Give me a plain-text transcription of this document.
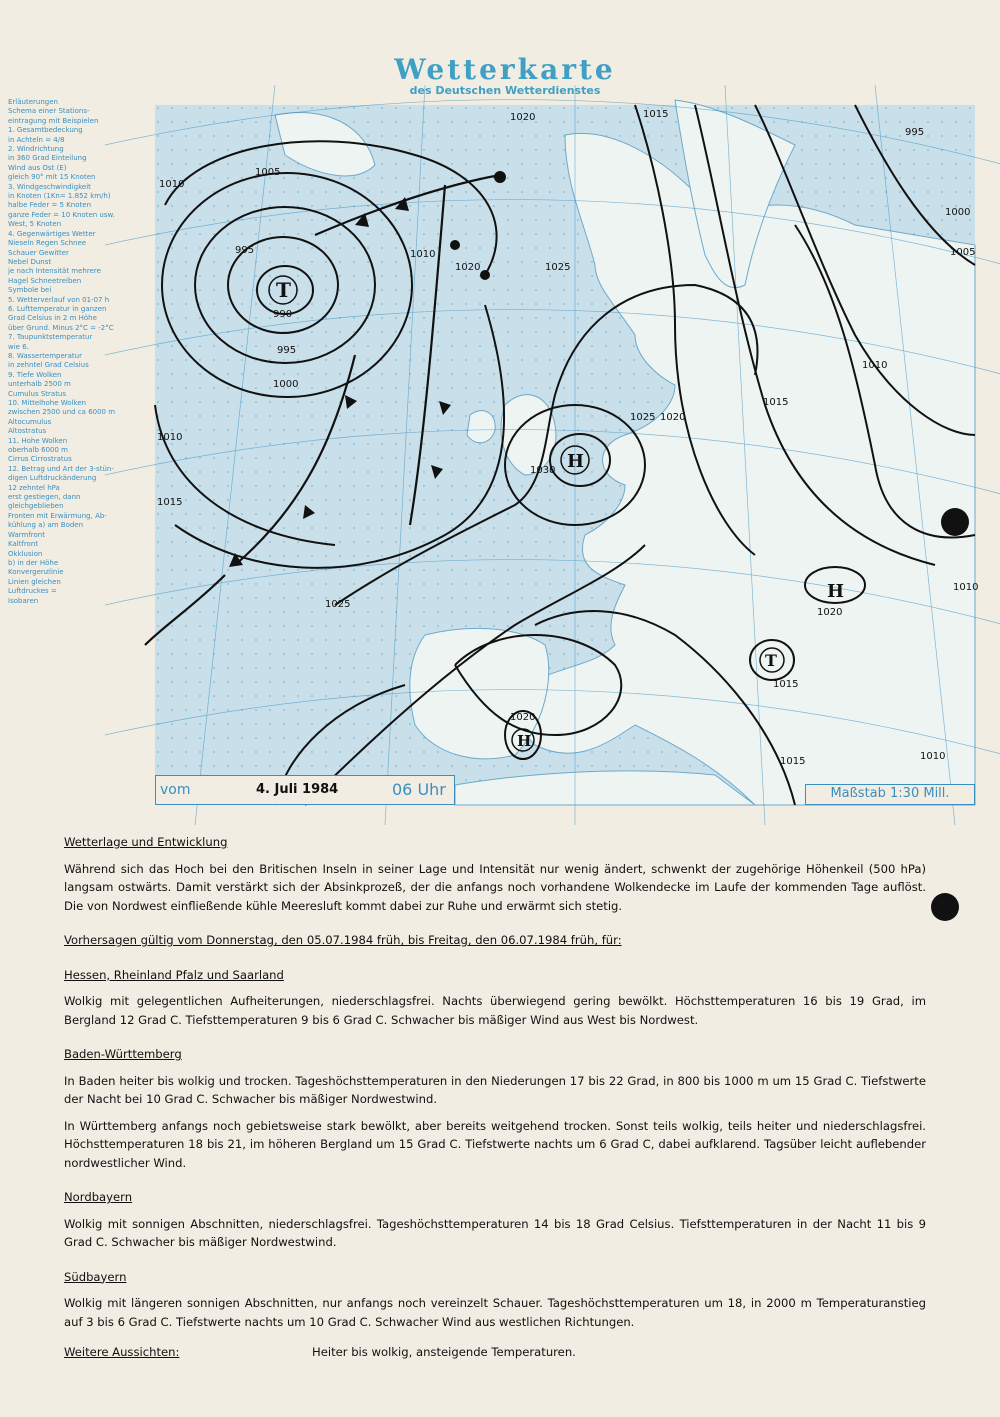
Wetterkarte
des Deutschen Wetterdienstes
Erläuterungen
Schema einer Stations-
eintragung mit Beispielen
1. Gesamtbedeckung
in Achteln = 4/8
2. Windrichtung
in 360 Grad Einteilung
Wind aus Ost (E)
gleich 90° mit 15 Knoten
3. Windgeschwindigkeit
in Knoten (1Kn= 1.852 km/h)
halbe Feder = 5 Knoten
ganze Feder = 10 Knoten usw.
West, 5 Knoten
4. Gegenwärtiges Wetter
Nieseln Regen Schnee
Schauer Gewitter
Nebel Dunst
je nach Intensität mehrere
Hagel Schneetreiben
Symbole bei
5. Wetterverlauf von 01-07 h
6. Lufttemperatur in ganzen
Grad Celsius in 2 m Höhe
über Grund. Minus 2°C = -2°C
7. Taupunktstemperatur
wie 6.
8. Wassertemperatur
in zehntel Grad Celsius
9. Tiefe Wolken
unterhalb 2500 m
Cumulus Stratus
10. Mittelhohe Wolken
zwischen 2500 und ca 6000 m
Altocumulus
Altostratus
11. Hohe Wolken
oberhalb 6000 m
Cirrus Cirrostratus
12. Betrag und Art der 3-stün-
digen Luftdruckänderung
12 zehntel hPa
erst gestiegen, dann
gleichgeblieben
Fronten mit Erwärmung, Ab-
kühlung a) am Boden
Warmfront
Kaltfront
Okklusion
b) in der Höhe
Konvergenzlinie
Linien gleichen
Luftdruckes =
Isobaren
T
H
H
H
T
995
990
995
1000
1005
1010
1010
1015
1020
1025
1025
1030
1020
1015
1010
1025
1020
1015
1010
1005
1000
1015
1020
1010
995
1020
1015	1010
vom	4. Juli 1984	06 Uhr	Maßstab 1:30 Mill.
Wetterlage und Entwicklung

Während sich das Hoch bei den Britischen Inseln in seiner Lage und Intensität nur wenig ändert, schwenkt der zugehörige Höhenkeil (500 hPa) langsam ostwärts. Damit verstärkt sich der Absinkprozeß, der die anfangs noch vorhandene Wolkendecke im Laufe der kommenden Tage auflöst. Die von Nordwest einfließende kühle Meeresluft kommt dabei zur Ruhe und erwärmt sich stetig.

Vorhersagen gültig vom Donnerstag, den 05.07.1984 früh, bis Freitag, den 06.07.1984 früh, für:
Hessen, Rheinland Pfalz und Saarland

Wolkig mit gelegentlichen Aufheiterungen, niederschlagsfrei. Nachts überwiegend gering bewölkt. Höchsttemperaturen 16 bis 19 Grad, im Bergland 12 Grad C. Tiefsttemperaturen 9 bis 6 Grad C. Schwacher bis mäßiger Wind aus West bis Nordwest.

Baden-Württemberg

In Baden heiter bis wolkig und trocken. Tageshöchsttemperaturen in den Niederungen 17 bis 22 Grad, in 800 bis 1000 m um 15 Grad C. Tiefstwerte der Nacht bei 10 Grad C. Schwacher bis mäßiger Nordwestwind.

In Württemberg anfangs noch gebietsweise stark bewölkt, aber bereits weitgehend trocken. Sonst teils wolkig, teils heiter und niederschlagsfrei. Höchsttemperaturen 18 bis 21, im höheren Bergland um 15 Grad C. Tiefstwerte nachts um 6 Grad C, dabei aufklarend. Tagsüber leicht auflebender nordwestlicher Wind.

Nordbayern

Wolkig mit sonnigen Abschnitten, niederschlagsfrei. Tageshöchsttemperaturen 14 bis 18 Grad Celsius. Tiefsttemperaturen in der Nacht 11 bis 9 Grad C. Schwacher bis mäßiger Nordwestwind.

Südbayern

Wolkig mit längeren sonnigen Abschnitten, nur anfangs noch vereinzelt Schauer. Tageshöchsttemperaturen um 18, in 2000 m Temperaturanstieg auf 3 bis 6 Grad C. Tiefstwerte nachts um 10 Grad C. Schwacher Wind aus westlichen Richtungen.

Weitere Aussichten:	Heiter bis wolkig, ansteigende Temperaturen.
